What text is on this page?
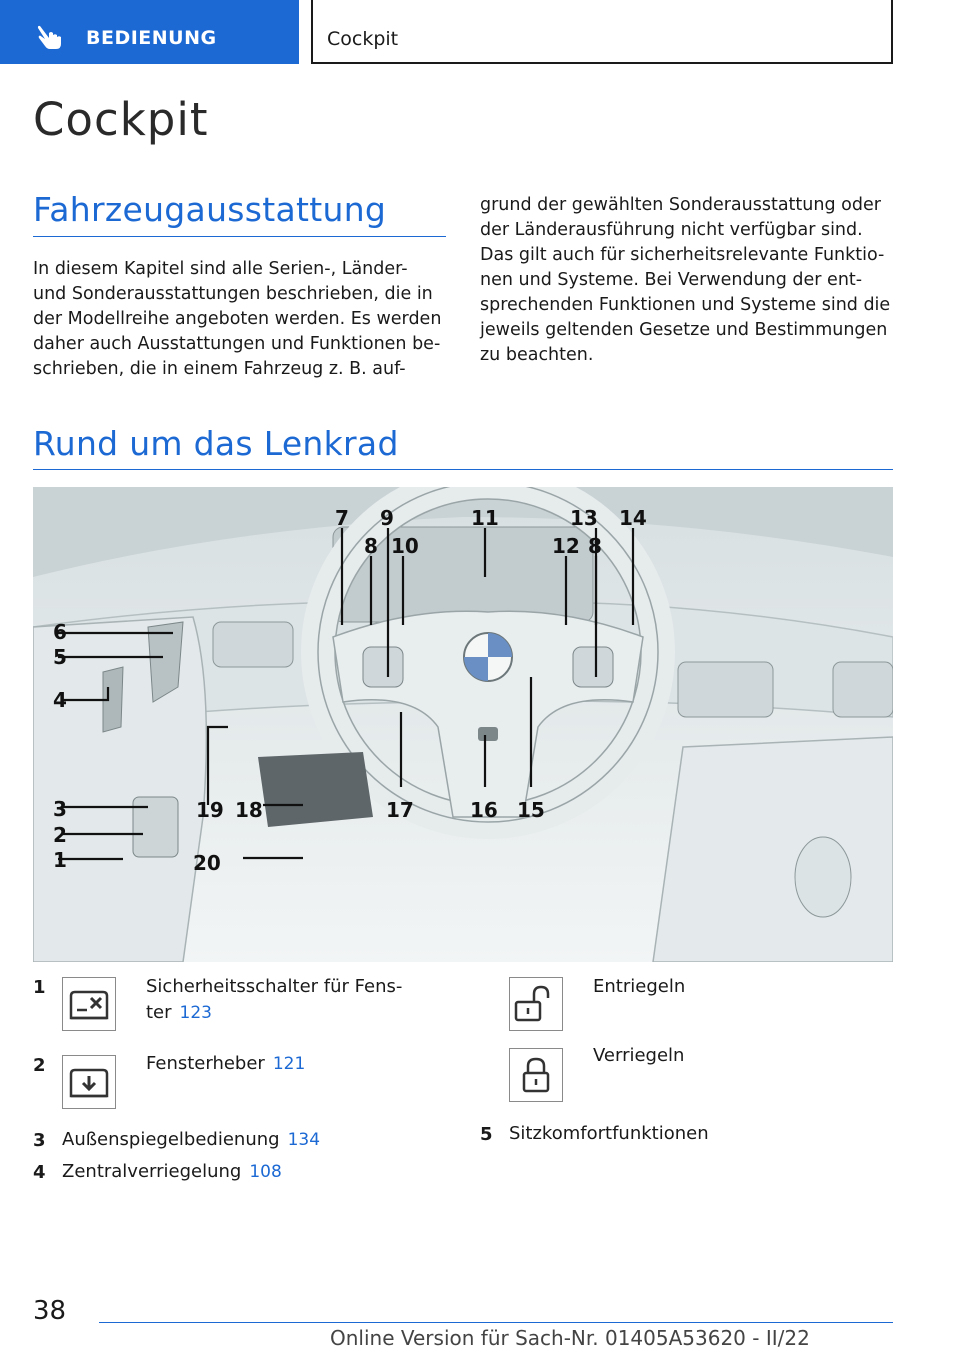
BEDIENUNG	Cockpit
Cockpit
Fahrzeugausstattung
In diesem Kapitel sind alle Serien-, Länder-
und Sonderausstattungen beschrieben, die in
der Modellreihe angeboten werden. Es werden
daher auch Ausstattungen und Funktionen be-
schrieben, die in einem Fahrzeug z. B. auf-
grund der gewählten Sonderausstattung oder
der Länderausführung nicht verfügbar sind.
Das gilt auch für sicherheitsrelevante Funktio-
nen und Systeme. Bei Verwendung der ent-
sprechenden Funktionen und Systeme sind die
jeweils geltenden Gesetze und Bestimmungen
zu beachten.
Rund um das Lenkrad
6
5
4
3
2
1
19 18
20
7 9
8 10
11	13 14
12 8
17	16 15
1	Sicherheitsschalter für Fens-
ter 123
2	Fensterheber 121
3 Außenspiegelbedienung 134
4 Zentralverriegelung 108
Entriegeln
Verriegeln
5 Sitzkomfortfunktionen
38
Online Version für Sach-Nr. 01405A53620 - II/22
